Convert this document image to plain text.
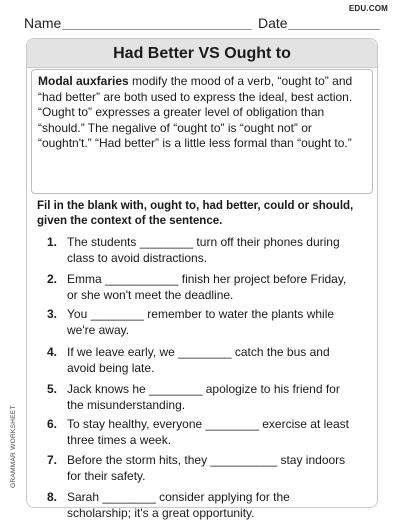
Name	Date
EDU.COM
Had Better VS Ought to
Modal auxfaries modify the mood of a verb, “ought to” and “had better” are both used to express the ideal, best action. “Ought to” expresses a greater level of obligation than “should.” The negalive of “ought to” is “ought not” or “oughtn't.” “Had better” is a little less formal than “ought to.”
Fil in the blank with, ought to, had better, could or should, given the context of the sentence.
1. The students ________ turn off their phones during class to avoid distractions.
2. Emma ___________ finish her project before Friday, or she won't meet the deadline.
3. You ________ remember to water the plants while we're away.
4. If we leave early, we ________ catch the bus and avoid being late.
5. Jack knows he ________ apologize to his friend for the misunderstanding.
6. To stay healthy, everyone ________ exercise at least three times a week.
7. Before the storm hits, they __________ stay indoors for their safety.
8. Sarah ________ consider applying for the scholarship; it's a great opportunity.
GRAMMAR WORKSHEET
